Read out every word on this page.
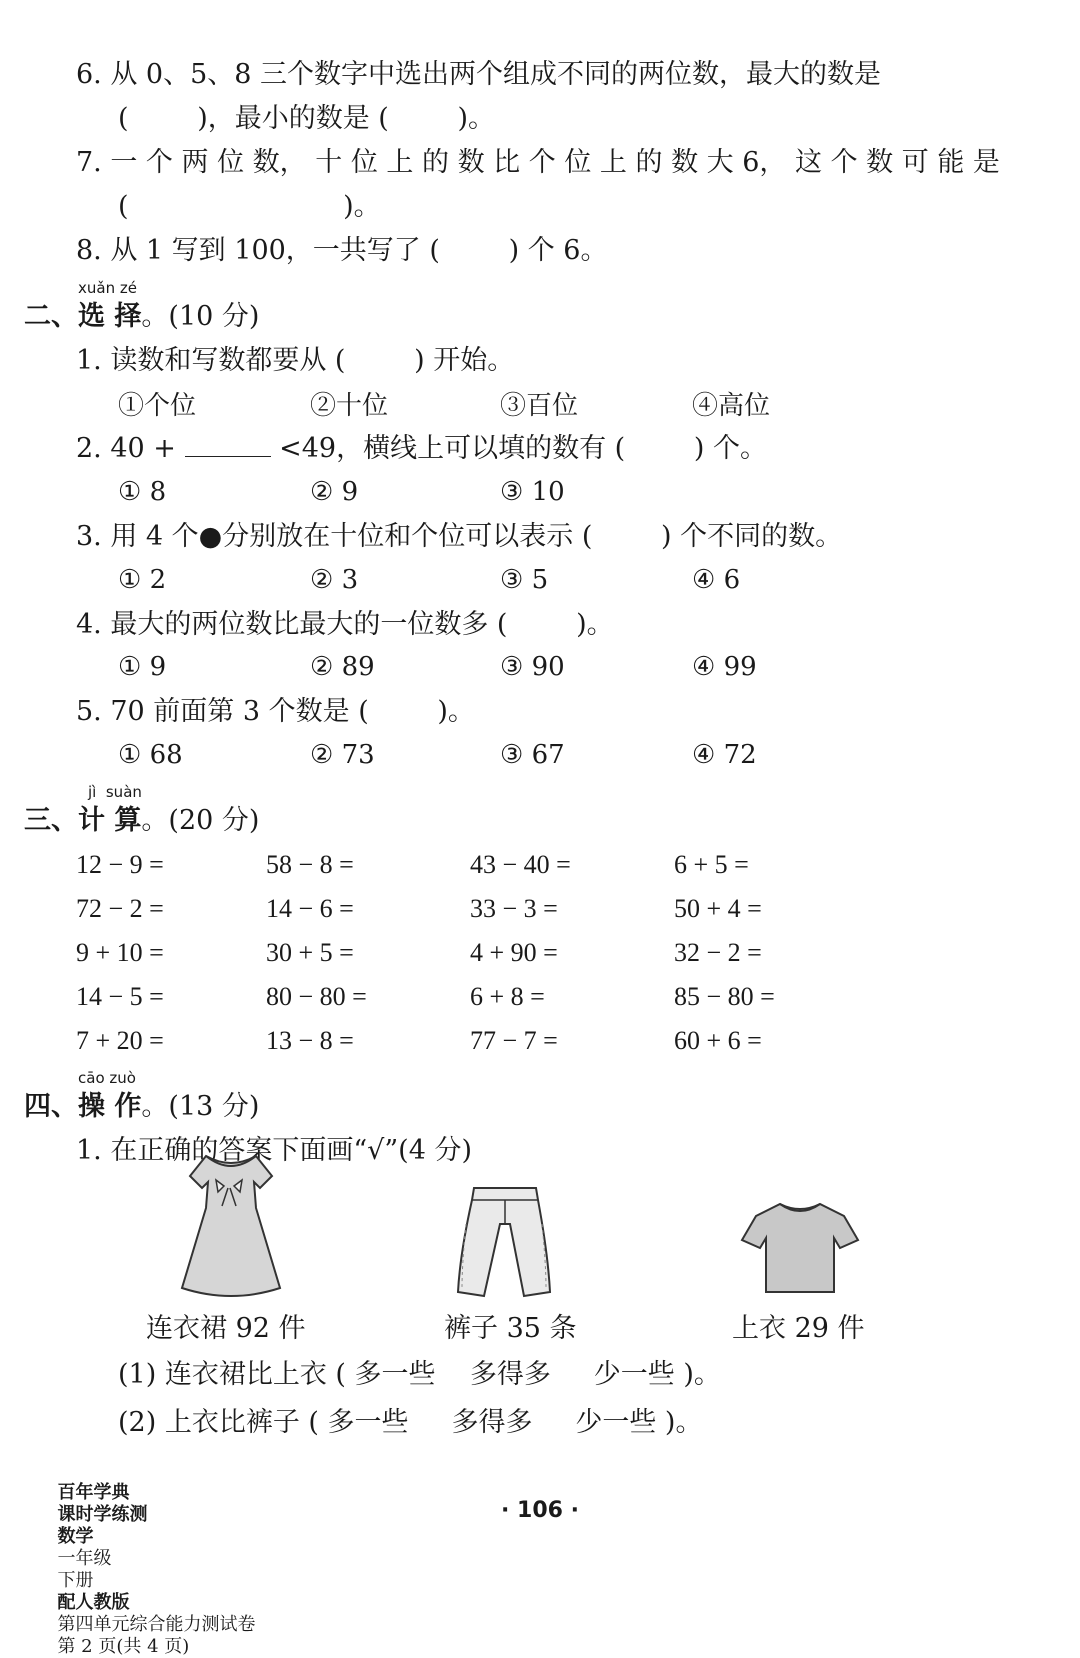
6. 从 0、5、8 三个数字中选出两个组成不同的两位数，最大的数是
(        )，最小的数是 (        )。
7. 一 个 两 位 数， 十 位 上 的 数 比 个 位 上 的 数 大 6， 这 个 数 可 能 是
(                         )。
8. 从 1 写到 100，一共写了 (        ) 个 6。
xuǎn zé
二、选 择。(10 分)
1. 读数和写数都要从 (        ) 开始。
①个位	②十位	③百位	④高位
2. 40 +	<49，横线上可以填的数有 (        ) 个。
① 8	② 9	③ 10
3. 用 4 个●分别放在十位和个位可以表示 (        ) 个不同的数。
① 2	② 3	③ 5	④ 6
4. 最大的两位数比最大的一位数多 (        )。
① 9	② 89	③ 90	④ 99
5. 70 前面第 3 个数是 (        )。
① 68	② 73	③ 67	④ 72
jì  suàn
三、计 算。(20 分)
12 − 9 =	58 − 8 =	43 − 40 =	6 + 5 =
72 − 2 =	14 − 6 =	33 − 3 =	50 + 4 =
9 + 10 =	30 + 5 =	4 + 90 =	32 − 2 =
14 − 5 =	80 − 80 =	6 + 8 =	85 − 80 =
7 + 20 =	13 − 8 =	77 − 7 =	60 + 6 =
cāo zuò
四、操 作。(13 分)
1. 在正确的答案下面画“√”(4 分)
连衣裙 92 件	裤子 35 条	上衣 29 件
(1) 连衣裙比上衣 ( 多一些    多得多     少一些 )。
(2) 上衣比裤子 ( 多一些     多得多     少一些 )。

百年学典
课时学练测
数学
一年级
下册
配人教版
第四单元综合能力测试卷
第 2 页(共 4 页)

· 106 ·
